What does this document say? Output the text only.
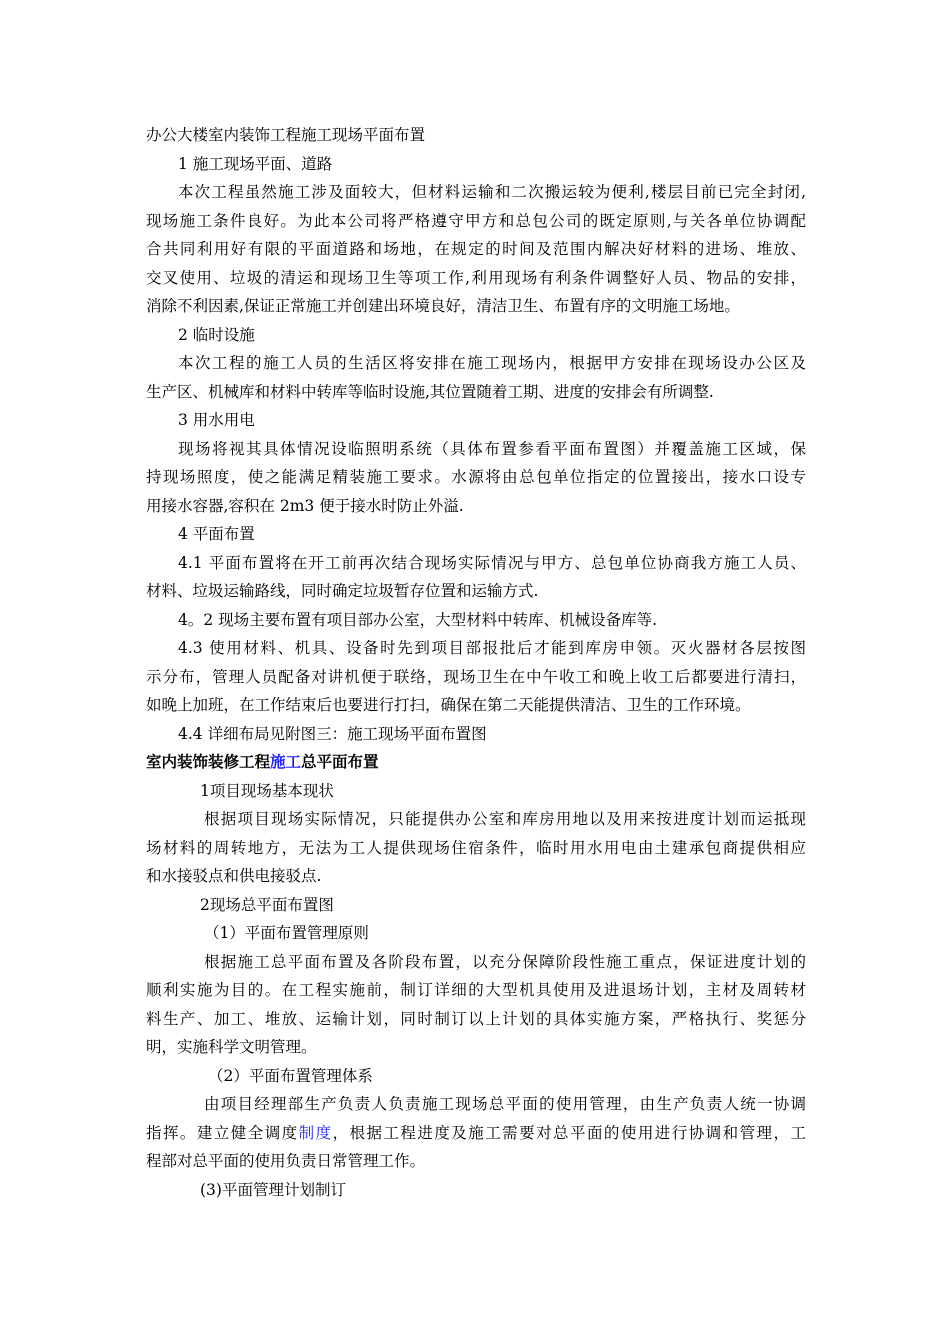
办公大楼室内装饰工程施工现场平面布置
1 施工现场平面、道路
本次工程虽然施工涉及面较大，但材料运输和二次搬运较为便利,楼层目前已完全封闭,
现场施工条件良好。为此本公司将严格遵守甲方和总包公司的既定原则,与关各单位协调配
合共同利用好有限的平面道路和场地，在规定的时间及范围内解决好材料的进场、堆放、
交叉使用、垃圾的清运和现场卫生等项工作,利用现场有利条件调整好人员、物品的安排，
消除不利因素,保证正常施工并创建出环境良好，清洁卫生、布置有序的文明施工场地。
2 临时设施
本次工程的施工人员的生活区将安排在施工现场内，根据甲方安排在现场设办公区及
生产区、机械库和材料中转库等临时设施,其位置随着工期、进度的安排会有所调整.
3 用水用电
现场将视其具体情况设临照明系统（具体布置参看平面布置图）并覆盖施工区域，保
持现场照度，使之能满足精装施工要求。水源将由总包单位指定的位置接出，接水口设专
用接水容器,容积在 2m3 便于接水时防止外溢.
4 平面布置
4.1 平面布置将在开工前再次结合现场实际情况与甲方、总包单位协商我方施工人员、
材料、垃圾运输路线，同时确定垃圾暂存位置和运输方式.
4。2 现场主要布置有项目部办公室，大型材料中转库、机械设备库等.
4.3 使用材料、机具、设备时先到项目部报批后才能到库房申领。灭火器材各层按图
示分布，管理人员配备对讲机便于联络，现场卫生在中午收工和晚上收工后都要进行清扫，
如晚上加班，在工作结束后也要进行打扫，确保在第二天能提供清洁、卫生的工作环境。
4.4 详细布局见附图三：施工现场平面布置图
室内装饰装修工程施工总平面布置
1项目现场基本现状
根据项目现场实际情况，只能提供办公室和库房用地以及用来按进度计划而运抵现
场材料的周转地方，无法为工人提供现场住宿条件，临时用水用电由土建承包商提供相应
和水接驳点和供电接驳点.
2现场总平面布置图
（1）平面布置管理原则
根据施工总平面布置及各阶段布置，以充分保障阶段性施工重点，保证进度计划的
顺利实施为目的。在工程实施前，制订详细的大型机具使用及进退场计划，主材及周转材
料生产、加工、堆放、运输计划，同时制订以上计划的具体实施方案，严格执行、奖惩分
明，实施科学文明管理。
（2）平面布置管理体系
由项目经理部生产负责人负责施工现场总平面的使用管理，由生产负责人统一协调
指挥。建立健全调度制度，根据工程进度及施工需要对总平面的使用进行协调和管理，工
程部对总平面的使用负责日常管理工作。
(3)平面管理计划制订
